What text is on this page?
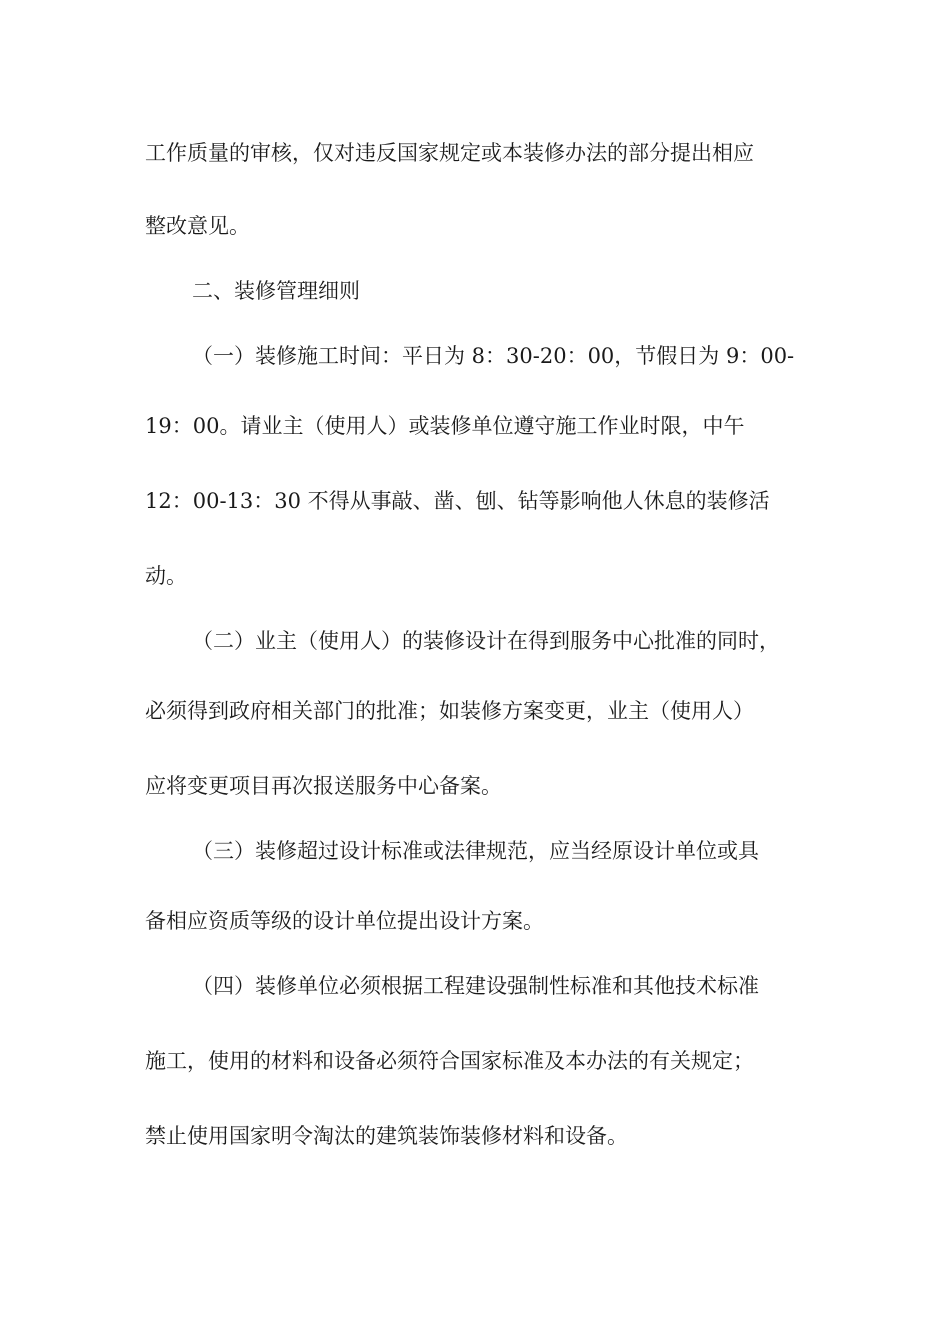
工作质量的审核，仅对违反国家规定或本装修办法的部分提出相应

整改意见。

二、装修管理细则

（一）装修施工时间：平日为 8：30-20：00，节假日为 9：00-

19：00。请业主（使用人）或装修单位遵守施工作业时限，中午

12：00-13：30 不得从事敲、凿、刨、钻等影响他人休息的装修活

动。

（二）业主（使用人）的装修设计在得到服务中心批准的同时，

必须得到政府相关部门的批准；如装修方案变更，业主（使用人）

应将变更项目再次报送服务中心备案。

（三）装修超过设计标准或法律规范，应当经原设计单位或具

备相应资质等级的设计单位提出设计方案。

（四）装修单位必须根据工程建设强制性标准和其他技术标准

施工，使用的材料和设备必须符合国家标准及本办法的有关规定；

禁止使用国家明令淘汰的建筑装饰装修材料和设备。
